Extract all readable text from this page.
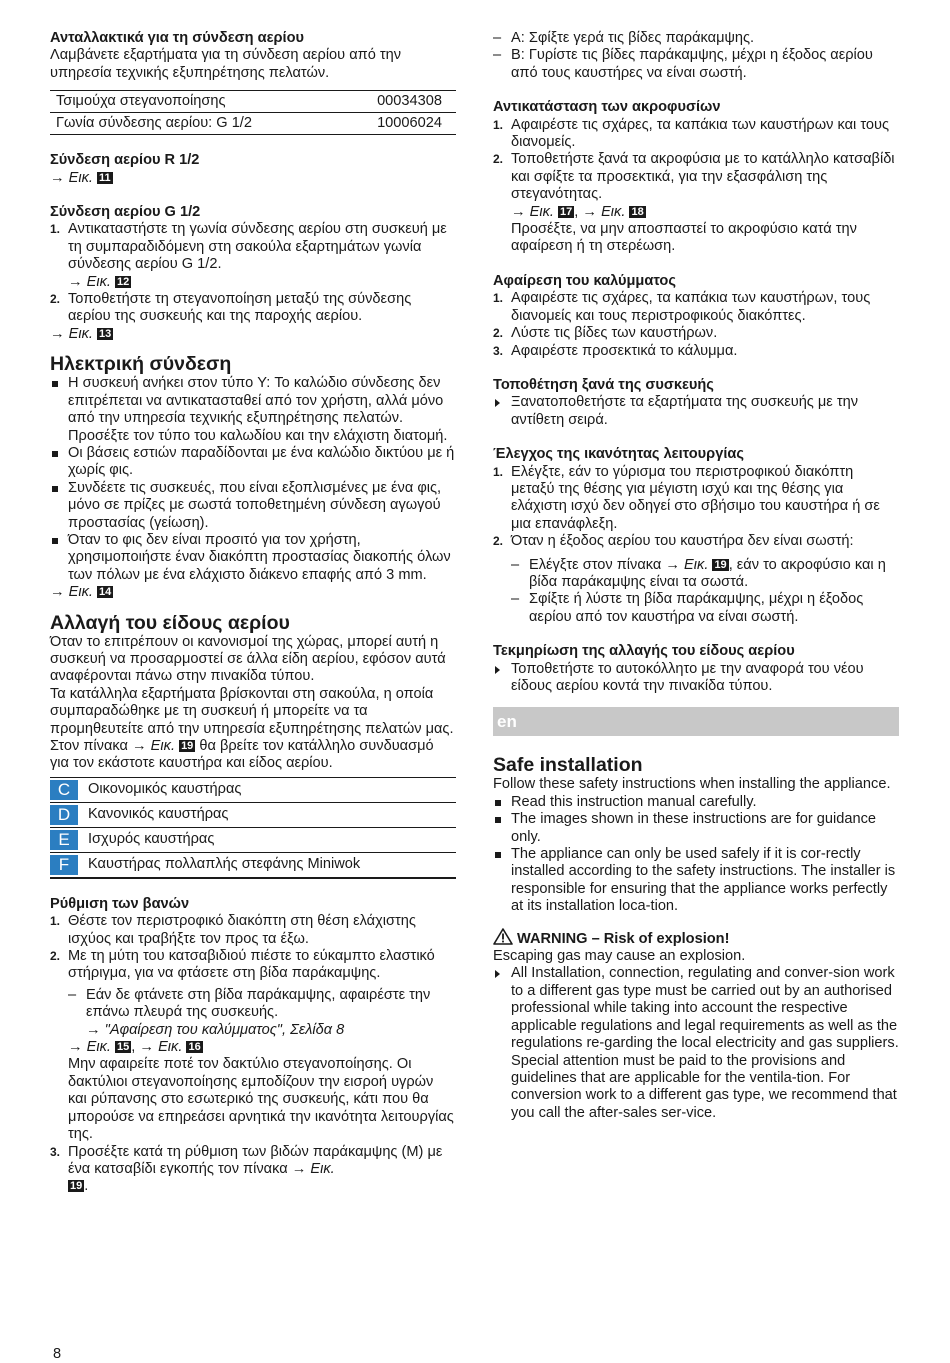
Ανταλλακτικά για τη σύνδεση αερίου

Λαμβάνετε εξαρτήματα για τη σύνδεση αερίου από την υπηρεσία τεχνικής εξυπηρέτησης πελατών.

Τσιμούχα στεγανοποίησης	00034308
Γωνία σύνδεσης αερίου: G 1/2	10006024

Σύνδεση αερίου R 1/2

→ Εικ. 11

Σύνδεση αερίου G 1/2

1. Αντικαταστήστε τη γωνία σύνδεσης αερίου στη συσκευή με τη συμπαραδιδόμενη στη σακούλα εξαρτημάτων γωνία σύνδεσης αερίου G 1/2.
→ Εικ. 12
2. Τοποθετήστε τη στεγανοποίηση μεταξύ της σύνδεσης αερίου της συσκευής και της παροχής αερίου.

→ Εικ. 13

Ηλεκτρική σύνδεση

Η συσκευή ανήκει στον τύπο Y: Το καλώδιο σύνδεσης δεν επιτρέπεται να αντικατασταθεί από τον χρήστη, αλλά μόνο από την υπηρεσία τεχνικής εξυπηρέτησης πελατών. Προσέξτε τον τύπο του καλωδίου και την ελάχιστη διατομή.
Οι βάσεις εστιών παραδίδονται με ένα καλώδιο δικτύου με ή χωρίς φις.
Συνδέετε τις συσκευές, που είναι εξοπλισμένες με ένα φις, μόνο σε πρίζες με σωστά τοποθετημένη σύνδεση αγωγού προστασίας (γείωση).
Όταν το φις δεν είναι προσιτό για τον χρήστη, χρησιμοποιήστε έναν διακόπτη προστασίας διακοπής όλων των πόλων με ένα ελάχιστο διάκενο επαφής από 3 mm.

→ Εικ. 14

Αλλαγή του είδους αερίου

Όταν το επιτρέπουν οι κανονισμοί της χώρας, μπορεί αυτή η συσκευή να προσαρμοστεί σε άλλα είδη αερίου, εφόσον αυτά αναφέρονται πάνω στην πινακίδα τύπου.

Τα κατάλληλα εξαρτήματα βρίσκονται στη σακούλα, η οποία συμπαραδώθηκε με τη συσκευή ή μπορείτε να τα προμηθευτείτε από την υπηρεσία εξυπηρέτησης πελατών μας. Στον πίνακα → Εικ. 19 θα βρείτε τον κατάλληλο συνδυασμό για τον εκάστοτε καυστήρα και είδος αερίου.

C	Οικονομικός καυστήρας

D	Κανονικός καυστήρας

E	Ισχυρός καυστήρας

F	Καυστήρας πολλαπλής στεφάνης Miniwok

Ρύθμιση των βανών

1. Θέστε τον περιστροφικό διακόπτη στη θέση ελάχιστης ισχύος και τραβήξτε τον προς τα έξω.
2. Με τη μύτη του κατσαβιδιού πιέστε το εύκαμπτο ελαστικό στήριγμα, για να φτάσετε στη βίδα παράκαμψης.
– Εάν δε φτάνετε στη βίδα παράκαμψης, αφαιρέστε την επάνω πλευρά της συσκευής.
→ "Αφαίρεση του καλύμματος", Σελίδα 8
→ Εικ. 15 , → Εικ. 16
Μην αφαιρείτε ποτέ τον δακτύλιο στεγανοποίησης. Οι δακτύλιοι στεγανοποίησης εμποδίζουν την εισροή υγρών και ρύπανσης στο εσωτερικό της συσκευής, κάτι που θα μπορούσε να επηρεάσει αρνητικά την ικανότητα λειτουργίας της.
3. Προσέξτε κατά τη ρύθμιση των βιδών παράκαμψης (M) με ένα κατσαβίδι εγκοπής τον πίνακα → Εικ.
19 .
– A: Σφίξτε γερά τις βίδες παράκαμψης.
– B: Γυρίστε τις βίδες παράκαμψης, μέχρι η έξοδος αερίου από τους καυστήρες να είναι σωστή.

Αντικατάσταση των ακροφυσίων

1. Αφαιρέστε τις σχάρες, τα καπάκια των καυστήρων και τους διανομείς.
2. Τοποθετήστε ξανά τα ακροφύσια με το κατάλληλο κατσαβίδι και σφίξτε τα προσεκτικά, για την εξασφάλιση της στεγανότητας.
→ Εικ. 17 , → Εικ. 18
Προσέξτε, να μην αποσπαστεί το ακροφύσιο κατά την αφαίρεση ή τη στερέωση.

Αφαίρεση του καλύμματος

1. Αφαιρέστε τις σχάρες, τα καπάκια των καυστήρων, τους διανομείς και τους περιστροφικούς διακόπτες.
2. Λύστε τις βίδες των καυστήρων.
3. Αφαιρέστε προσεκτικά το κάλυμμα.

Τοποθέτηση ξανά της συσκευής

Ξανατοποθετήστε τα εξαρτήματα της συσκευής με την αντίθετη σειρά.

Έλεγχος της ικανότητας λειτουργίας

1. Ελέγξτε, εάν το γύρισμα του περιστροφικού διακόπτη μεταξύ της θέσης για μέγιστη ισχύ και της θέσης για ελάχιστη ισχύ δεν οδηγεί στο σβήσιμο του καυστήρα ή σε μια επανάφλεξη.
2. Όταν η έξοδος αερίου του καυστήρα δεν είναι σωστή:
– Ελέγξτε στον πίνακα → Εικ. 19 , εάν το ακροφύσιο και η βίδα παράκαμψης είναι τα σωστά.
– Σφίξτε ή λύστε τη βίδα παράκαμψης, μέχρι η έξοδος αερίου από τον καυστήρα να είναι σωστή.

Τεκμηρίωση της αλλαγής του είδους αερίου

Τοποθετήστε το αυτοκόλλητο με την αναφορά του νέου είδους αερίου κοντά την πινακίδα τύπου.
en

Safe installation

Follow these safety instructions when installing the appliance.

Read this instruction manual carefully.
The images shown in these instructions are for guidance only.
The appliance can only be used safely if it is cor-rectly installed according to the safety instructions. The installer is responsible for ensuring that the appliance works perfectly at its installation loca-tion.

WARNING – Risk of explosion!

Escaping gas may cause an explosion.

All Installation, connection, regulating and conver-sion work to a different gas type must be carried out by an authorised professional while taking into account the respective applicable regulations and legal requirements as well as the regulations re-garding the local electricity and gas suppliers. Special attention must be paid to the provisions and guidelines that are applicable for the ventila-tion. For conversion work to a different gas type, we recommend that you call the after-sales ser-vice.
8
